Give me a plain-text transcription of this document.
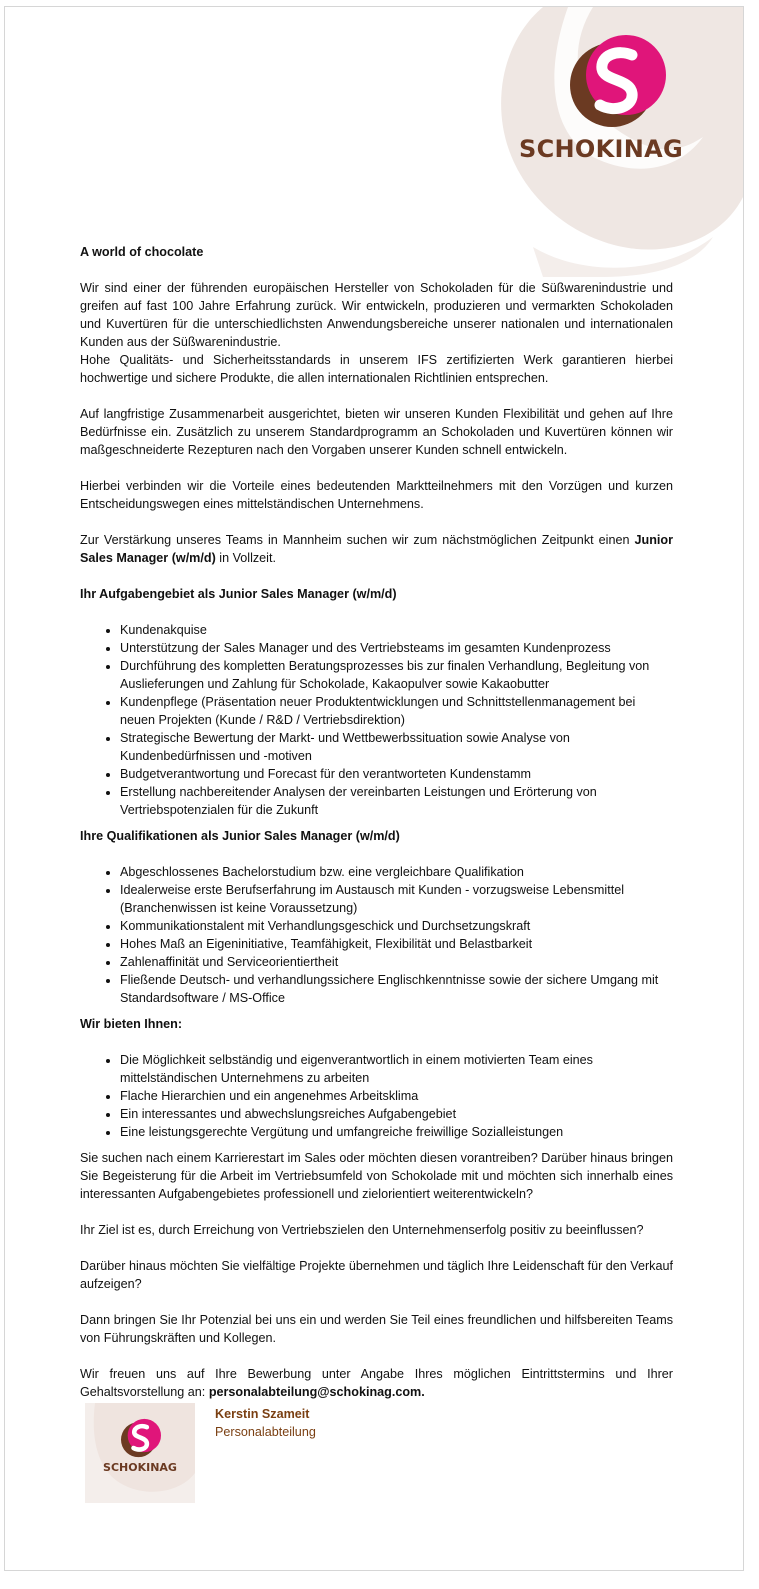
SCHOKINAG
A world of chocolate

Wir sind einer der führenden europäischen Hersteller von Schokoladen für die Süßwarenindustrie und greifen auf fast 100 Jahre Erfahrung zurück. Wir entwickeln, produzieren und vermarkten Schokoladen und Kuvertüren für die unterschiedlichsten Anwendungsbereiche unserer nationalen und internationalen Kunden aus der Süßwarenindustrie.

Hohe Qualitäts- und Sicherheitsstandards in unserem IFS zertifizierten Werk garantieren hierbei hochwertige und sichere Produkte, die allen internationalen Richtlinien entsprechen.

Auf langfristige Zusammenarbeit ausgerichtet, bieten wir unseren Kunden Flexibilität und gehen auf Ihre Bedürfnisse ein. Zusätzlich zu unserem Standardprogramm an Schokoladen und Kuvertüren können wir maßgeschneiderte Rezepturen nach den Vorgaben unserer Kunden schnell entwickeln.

Hierbei verbinden wir die Vorteile eines bedeutenden Marktteilnehmers mit den Vorzügen und kurzen Entscheidungswegen eines mittelständischen Unternehmens.

Zur Verstärkung unseres Teams in Mannheim suchen wir zum nächstmöglichen Zeitpunkt einen Junior Sales Manager (w/m/d) in Vollzeit.

Ihr Aufgabengebiet als Junior Sales Manager (w/m/d)
• Kundenakquise
• Unterstützung der Sales Manager und des Vertriebsteams im gesamten Kundenprozess
• Durchführung des kompletten Beratungsprozesses bis zur finalen Verhandlung, Begleitung von Auslieferungen und Zahlung für Schokolade, Kakaopulver sowie Kakaobutter
• Kundenpflege (Präsentation neuer Produktentwicklungen und Schnittstellenmanagement bei neuen Projekten (Kunde / R&D / Vertriebsdirektion)
• Strategische Bewertung der Markt- und Wettbewerbssituation sowie Analyse von Kundenbedürfnissen und -motiven
• Budgetverantwortung und Forecast für den verantworteten Kundenstamm
• Erstellung nachbereitender Analysen der vereinbarten Leistungen und Erörterung von Vertriebspotenzialen für die Zukunft
Ihre Qualifikationen als Junior Sales Manager (w/m/d)
• Abgeschlossenes Bachelorstudium bzw. eine vergleichbare Qualifikation
• Idealerweise erste Berufserfahrung im Austausch mit Kunden - vorzugsweise Lebensmittel (Branchenwissen ist keine Voraussetzung)
• Kommunikationstalent mit Verhandlungsgeschick und Durchsetzungskraft
• Hohes Maß an Eigeninitiative, Teamfähigkeit, Flexibilität und Belastbarkeit
• Zahlenaffinität und Serviceorientiertheit
• Fließende Deutsch- und verhandlungssichere Englischkenntnisse sowie der sichere Umgang mit Standardsoftware / MS-Office
Wir bieten Ihnen:
• Die Möglichkeit selbständig und eigenverantwortlich in einem motivierten Team eines mittelständischen Unternehmens zu arbeiten
• Flache Hierarchien und ein angenehmes Arbeitsklima
• Ein interessantes und abwechslungsreiches Aufgabengebiet
• Eine leistungsgerechte Vergütung und umfangreiche freiwillige Sozialleistungen

Sie suchen nach einem Karrierestart im Sales oder möchten diesen vorantreiben? Darüber hinaus bringen Sie Begeisterung für die Arbeit im Vertriebsumfeld von Schokolade mit und möchten sich innerhalb eines interessanten Aufgabengebietes professionell und zielorientiert weiterentwickeln?

Ihr Ziel ist es, durch Erreichung von Vertriebszielen den Unternehmenserfolg positiv zu beeinflussen?

Darüber hinaus möchten Sie vielfältige Projekte übernehmen und täglich Ihre Leidenschaft für den Verkauf aufzeigen?

Dann bringen Sie Ihr Potenzial bei uns ein und werden Sie Teil eines freundlichen und hilfsbereiten Teams von Führungskräften und Kollegen.

Wir freuen uns auf Ihre Bewerbung unter Angabe Ihres möglichen Eintrittstermins und Ihrer Gehaltsvorstellung an: personalabteilung@schokinag.com.

SCHOKINAG
Kerstin Szameit
Personalabteilung
